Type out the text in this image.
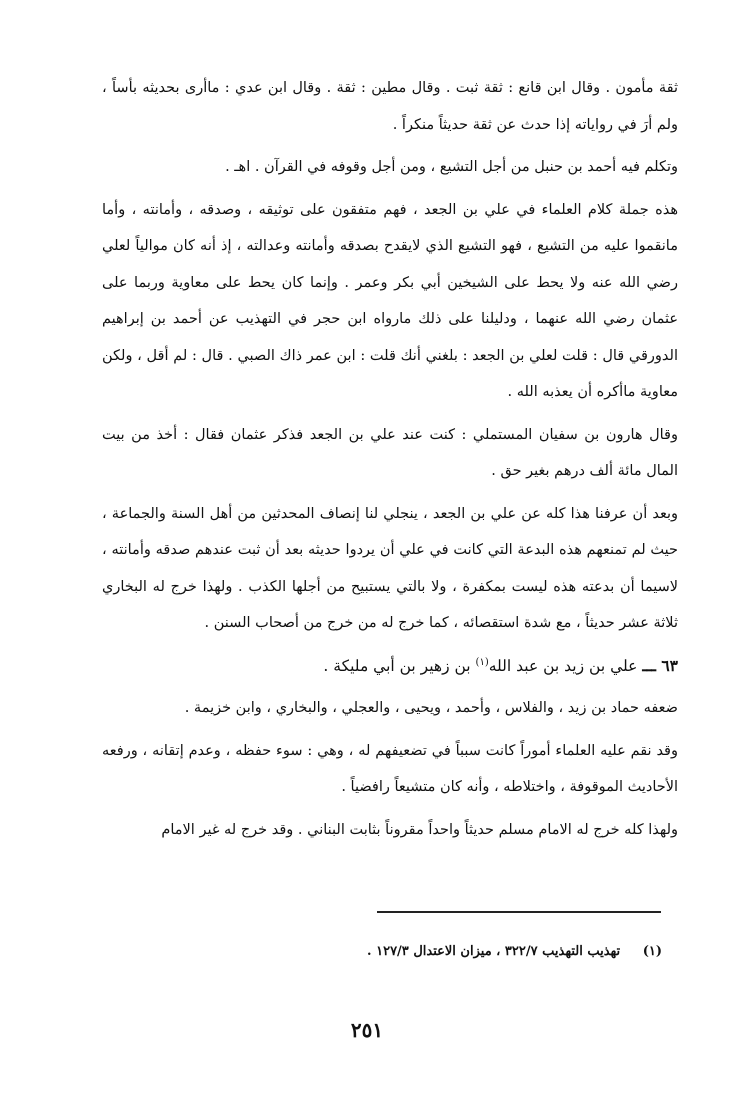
ثقة مأمون . وقال ابن قانع : ثقة ثبت . وقال مطين : ثقة . وقال ابن عدي : ماأرى بحديثه بأساً ، ولم أرَ في رواياته إذا حدث عن ثقة حديثاً منكراً .

وتكلم فيه أحمد بن حنبل من أجل التشيع ، ومن أجل وقوفه في القرآن . اهـ .

هذه جملة كلام العلماء في علي بن الجعد ، فهم متفقون على توثيقه ، وصدقه ، وأمانته ، وأما مانقموا عليه من التشيع ، فهو التشيع الذي لايقدح بصدقه وأمانته وعدالته ، إذ أنه كان موالياً لعلي رضي الله عنه ولا يحط على الشيخين أبي بكر وعمر . وإنما كان يحط على معاوية وربما على عثمان رضي الله عنهما ، ودليلنا على ذلك مارواه ابن حجر في التهذيب عن أحمد بن إبراهيم الدورقي قال : قلت لعلي بن الجعد : بلغني أنك قلت : ابن عمر ذاك الصبي . قال : لم أقل ، ولكن معاوية ماأكره أن يعذبه الله .

وقال هارون بن سفيان المستملي : كنت عند علي بن الجعد فذكر عثمان فقال : أخذ من بيت المال مائة ألف درهم بغير حق .

وبعد أن عرفنا هذا كله عن علي بن الجعد ، ينجلي لنا إنصاف المحدثين من أهل السنة والجماعة ، حيث لم تمنعهم هذه البدعة التي كانت في علي أن يردوا حديثه بعد أن ثبت عندهم صدقه وأمانته ، لاسيما أن بدعته هذه ليست بمكفرة ، ولا بالتي يستبيح من أجلها الكذب . ولهذا خرج له البخاري ثلاثة عشر حديثاً ، مع شدة استقصائه ، كما خرج له من خرج من أصحاب السنن .

٦٣ ـــ علي بن زيد بن عبد الله$^{(١)}$ بن زهير بن أبي مليكة .

ضعفه حماد بن زيد ، والفلاس ، وأحمد ، ويحيى ، والعجلي ، والبخاري ، وابن خزيمة .

وقد نقم عليه العلماء أموراً كانت سبباً في تضعيفهم له ، وهي : سوء حفظه ، وعدم إتقانه ، ورفعه الأحاديث الموقوفة ، واختلاطه ، وأنه كان متشيعاً رافضياً .

ولهذا كله خرج له الامام مسلم حديثاً واحداً مقروناً بثابت البناني . وقد خرج له غير الامام

(١) تهذيب التهذيب ٣٢٢/٧ ، ميزان الاعتدال ١٢٧/٣ .
٢٥١
